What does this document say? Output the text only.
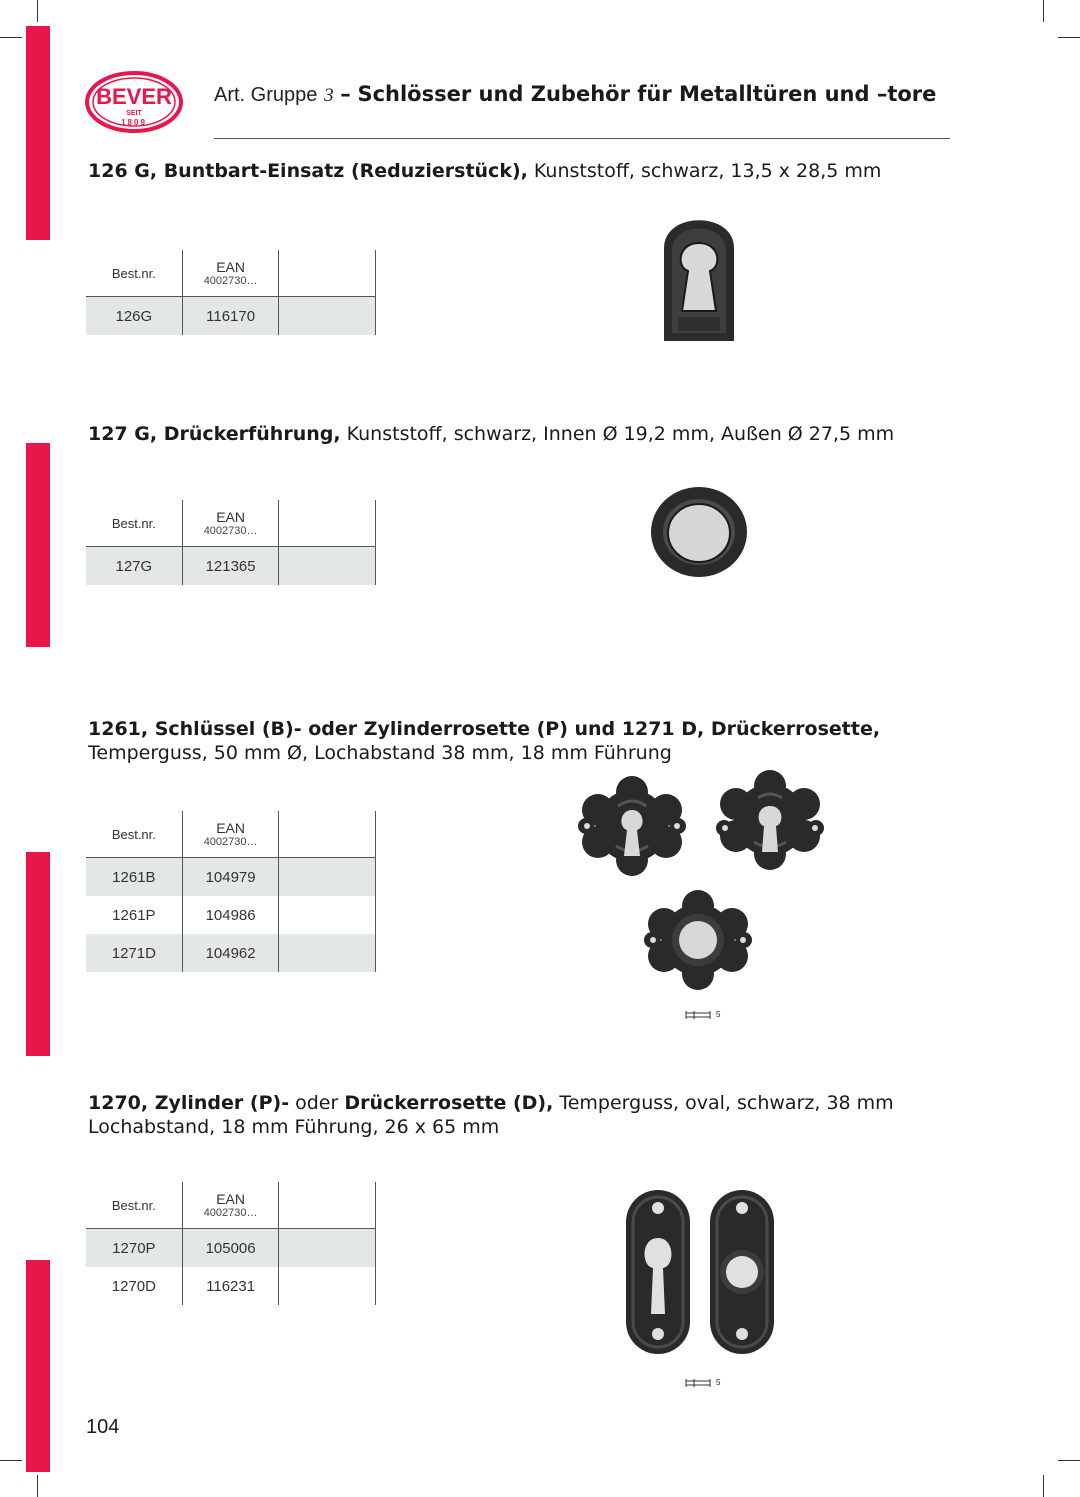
BEVER
SEIT
1809
Art. Gruppe 3 – Schlösser und Zubehör für Metalltüren und –tore
126 G, Buntbart-Einsatz (Reduzierstück), Kunststoff, schwarz, 13,5 x 28,5 mm
Best.nr.	EAN
4002730…	

126G	116170	
127 G, Drückerführung, Kunststoff, schwarz, Innen Ø 19,2 mm, Außen Ø 27,5 mm
Best.nr.	EAN
4002730…	

127G	121365	
1261, Schlüssel (B)- oder Zylinderrosette (P) und 1271 D, Drückerrosette,
Temperguss, 50 mm Ø, Lochabstand 38 mm, 18 mm Führung
Best.nr.	EAN
4002730…	

1261B	104979	
1261P	104986	
1271D	104962	
5
1270, Zylinder (P)- oder Drückerrosette (D), Temperguss, oval, schwarz, 38 mm
Lochabstand, 18 mm Führung, 26 x 65 mm
Best.nr.	EAN
4002730…	

1270P	105006	
1270D	116231	
5
104
